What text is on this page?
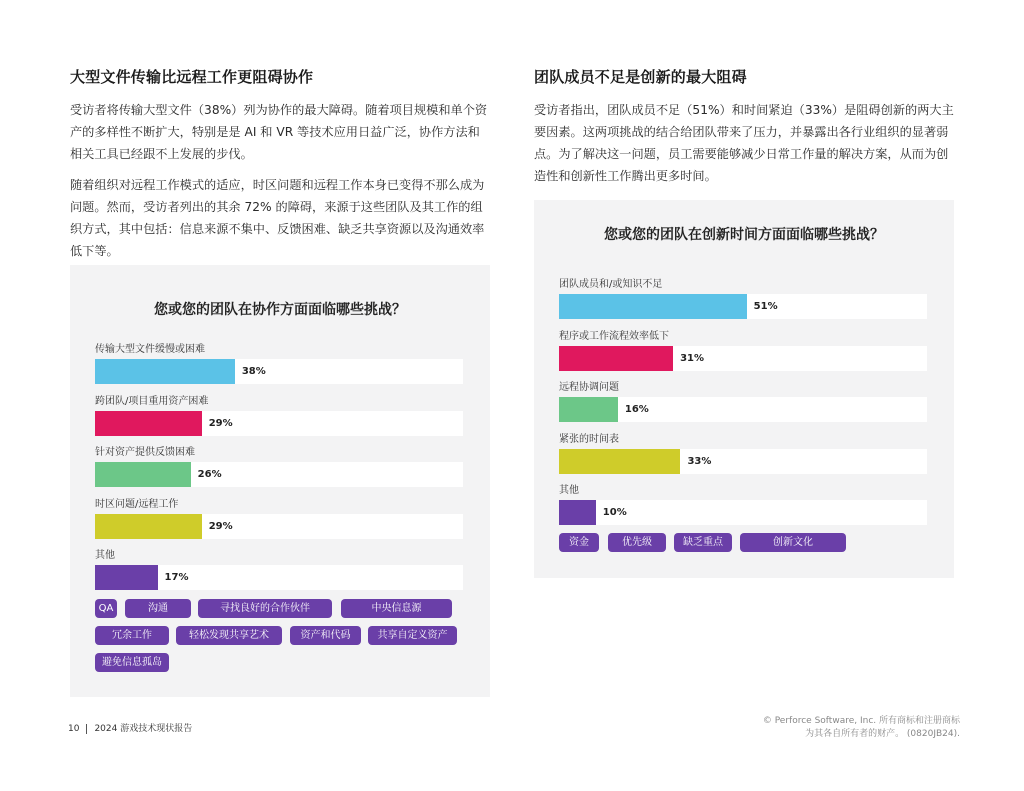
大型文件传输比远程工作更阻碍协作

受访者将传输大型文件（38%）列为协作的最大障碍。随着项目规模和单个资产的多样性不断扩大，特别是是 AI 和 VR 等技术应用日益广泛，协作方法和相关工具已经跟不上发展的步伐。

随着组织对远程工作模式的适应，时区问题和远程工作本身已变得不那么成为问题。然而，受访者列出的其余 72% 的障碍，来源于这些团队及其工作的组织方式，其中包括：信息来源不集中、反馈困难、缺乏共享资源以及沟通效率低下等。

团队成员不足是创新的最大阻碍

受访者指出，团队成员不足（51%）和时间紧迫（33%）是阻碍创新的两大主要因素。这两项挑战的结合给团队带来了压力，并暴露出各行业组织的显著弱点。为了解决这一问题，员工需要能够减少日常工作量的解决方案，从而为创造性和创新性工作腾出更多时间。

您或您的团队在协作方面面临哪些挑战？
传输大型文件缓慢或困难
38%
跨团队/项目重用资产困难
29%
针对资产提供反馈困难
26%
时区问题/远程工作
29%
其他
17%
QA	沟通	寻找良好的合作伙伴	中央信息源
冗余工作	轻松发现共享艺术	资产和代码	共享自定义资产
避免信息孤岛
您或您的团队在创新时间方面面临哪些挑战？
团队成员和/或知识不足
51%
程序或工作流程效率低下
31%
远程协调问题
16%
紧张的时间表
33%
其他
10%
资金	优先级	缺乏重点	创新文化
10 2024 游戏技术现状报告
© Perforce Software, Inc. 所有商标和注册商标
为其各自所有者的财产。 (0820JB24).
